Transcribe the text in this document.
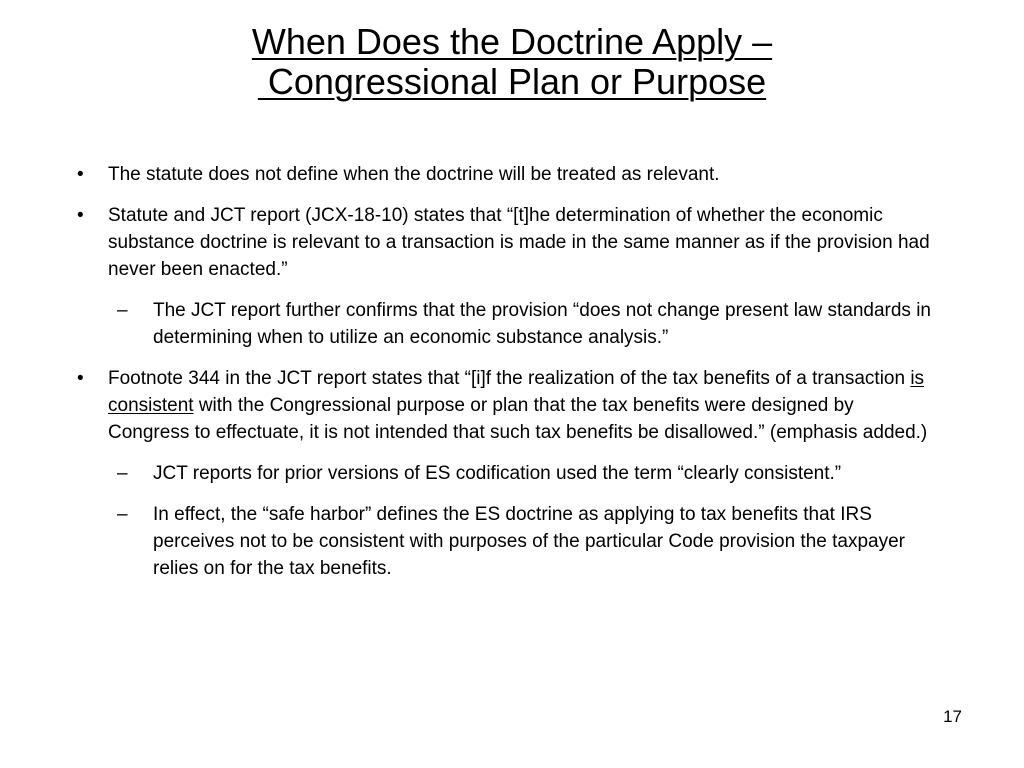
When Does the Doctrine Apply –
Congressional Plan or Purpose
• The statute does not define when the doctrine will be treated as relevant.
• Statute and JCT report (JCX-18-10) states that “[t]he determination of whether the economic substance doctrine is relevant to a transaction is made in the same manner as if the provision had never been enacted.”
– The JCT report further confirms that the provision “does not change present law standards in determining when to utilize an economic substance analysis.”
• Footnote 344 in the JCT report states that “[i]f the realization of the tax benefits of a transaction is consistent with the Congressional purpose or plan that the tax benefits were designed by Congress to effectuate, it is not intended that such tax benefits be disallowed.” (emphasis added.)
– JCT reports for prior versions of ES codification used the term “clearly consistent.”
– In effect, the “safe harbor” defines the ES doctrine as applying to tax benefits that IRS perceives not to be consistent with purposes of the particular Code provision the taxpayer relies on for the tax benefits.
17
